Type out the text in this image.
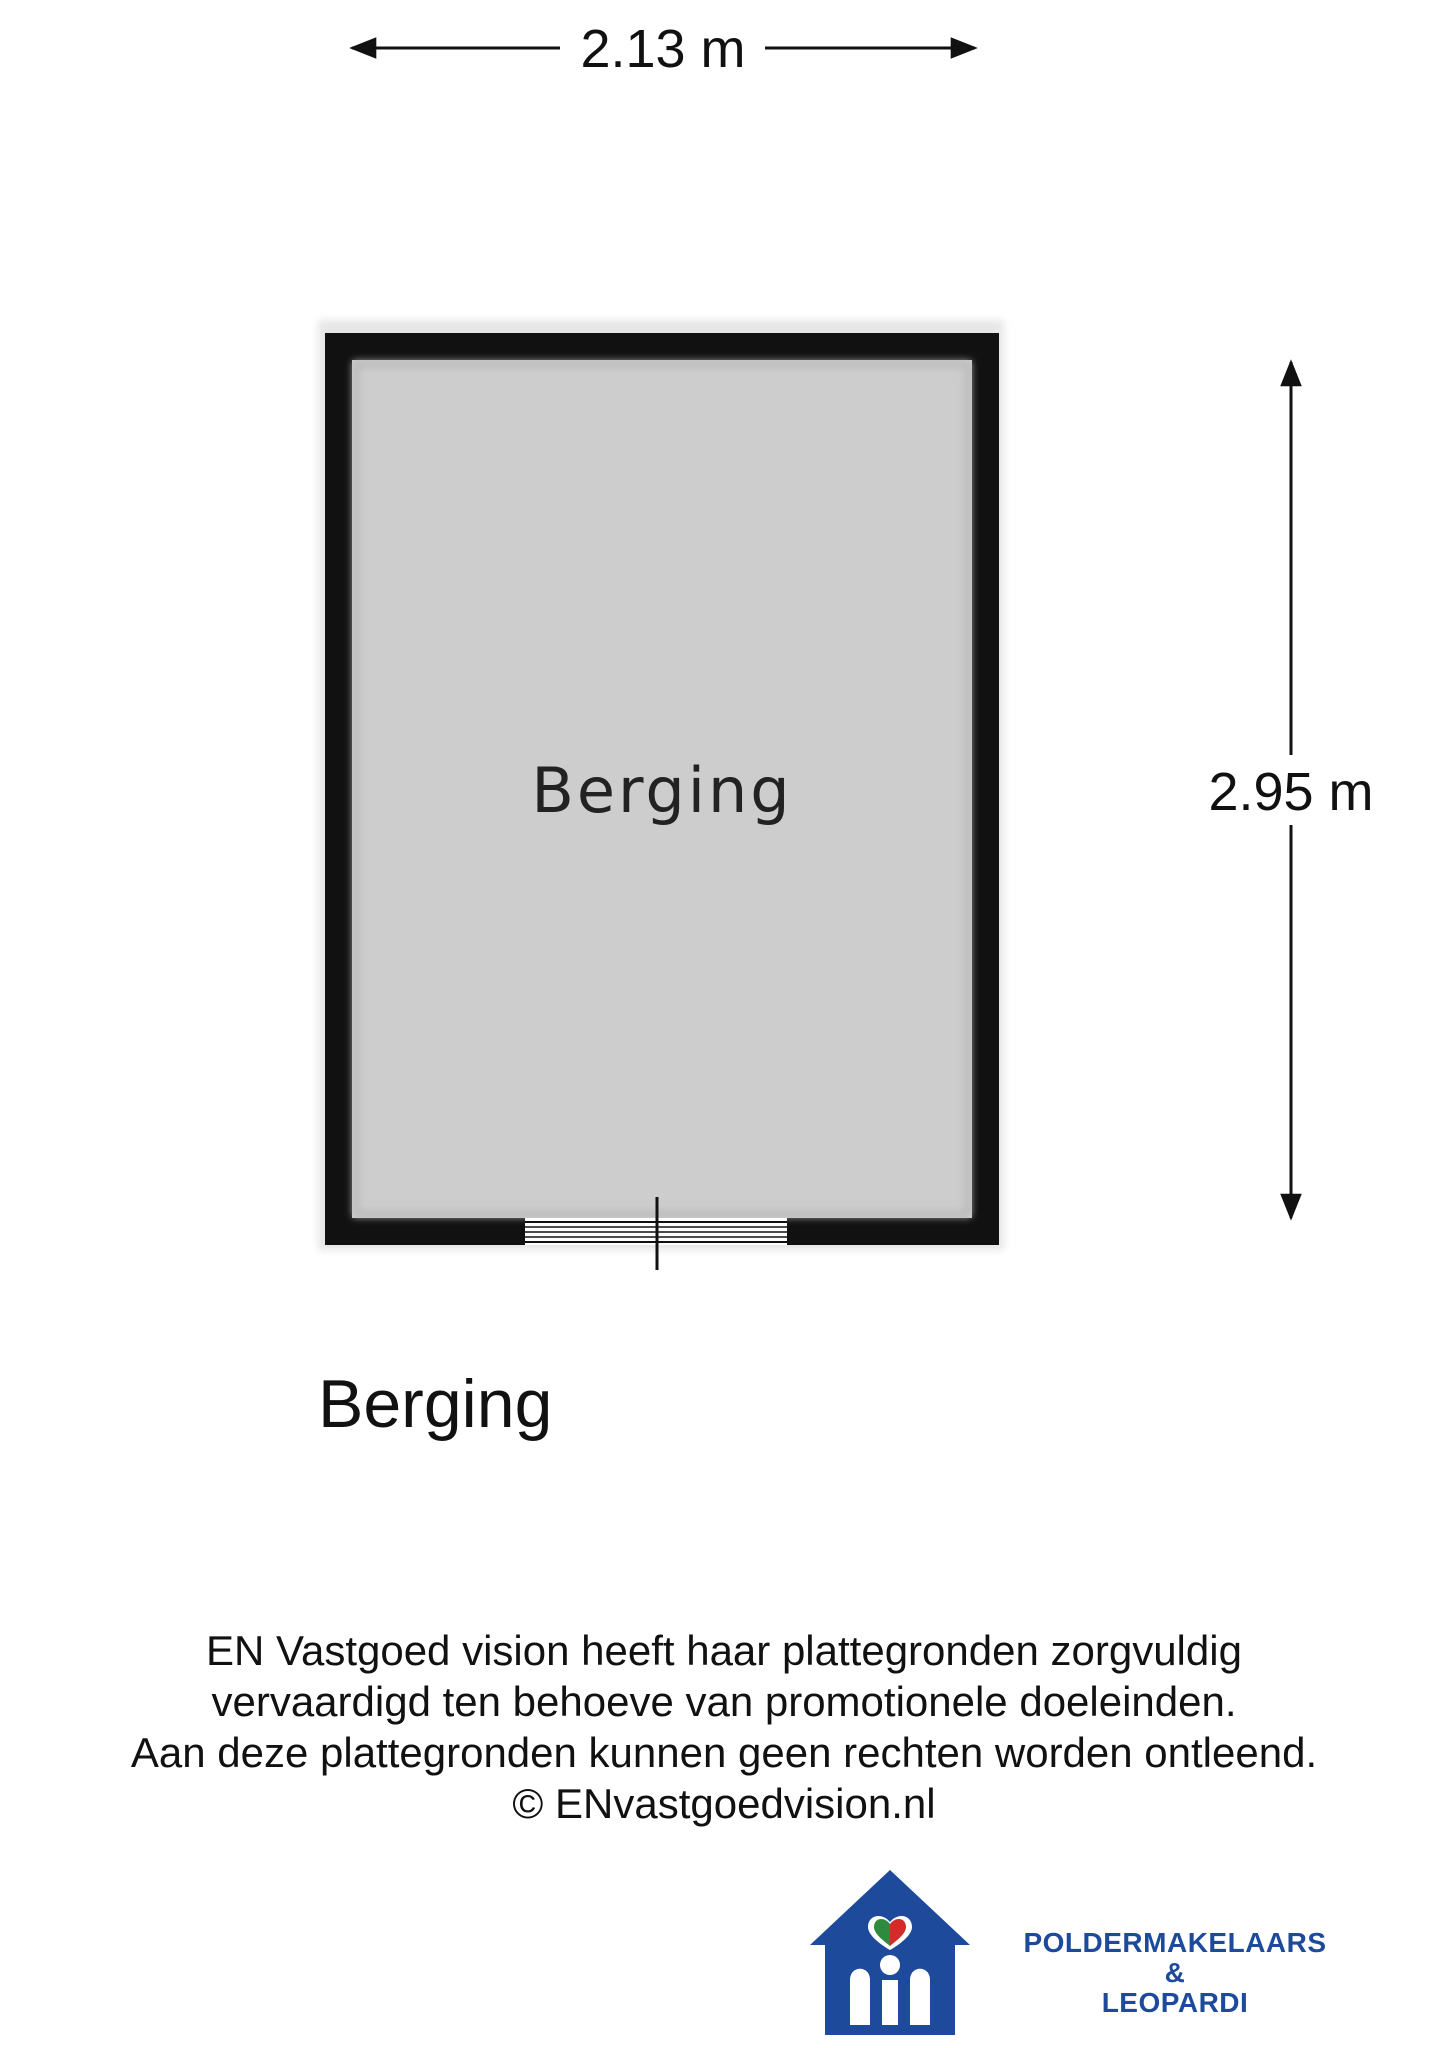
2.13 m
2.95 m
Berging
Berging
EN Vastgoed vision heeft haar plattegronden zorgvuldig
vervaardigd ten behoeve van promotionele doeleinden.
Aan deze plattegronden kunnen geen rechten worden ontleend.
© ENvastgoedvision.nl
POLDERMAKELAARS
&
LEOPARDI
